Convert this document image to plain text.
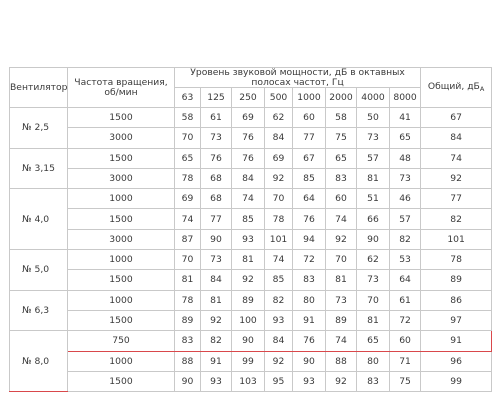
Вентилятор	Частота вращения, об/мин	Уровень звуковой мощности, дБ в октавных полосах частот, Гц								Общий, $дБ_А$
		63	125	250	500	1000	2000	4000	8000	
№ 2,5	1500	58	61	69	62	60	58	50	41	67
	3000	70	73	76	84	77	75	73	65	84
№ 3,15	1500	65	76	76	69	67	65	57	48	74
	3000	78	68	84	92	85	83	81	73	92
№ 4,0	1000	69	68	74	70	64	60	51	46	77
	1500	74	77	85	78	76	74	66	57	82
	3000	87	90	93	101	94	92	90	82	101
№ 5,0	1000	70	73	81	74	72	70	62	53	78
	1500	81	84	92	85	83	81	73	64	89
№ 6,3	1000	78	81	89	82	80	73	70	61	86
	1500	89	92	100	93	91	89	81	72	97
№ 8,0	750	83	82	90	84	76	74	65	60	91
	1000	88	91	99	92	90	88	80	71	96
	1500	90	93	103	95	93	92	83	75	99
